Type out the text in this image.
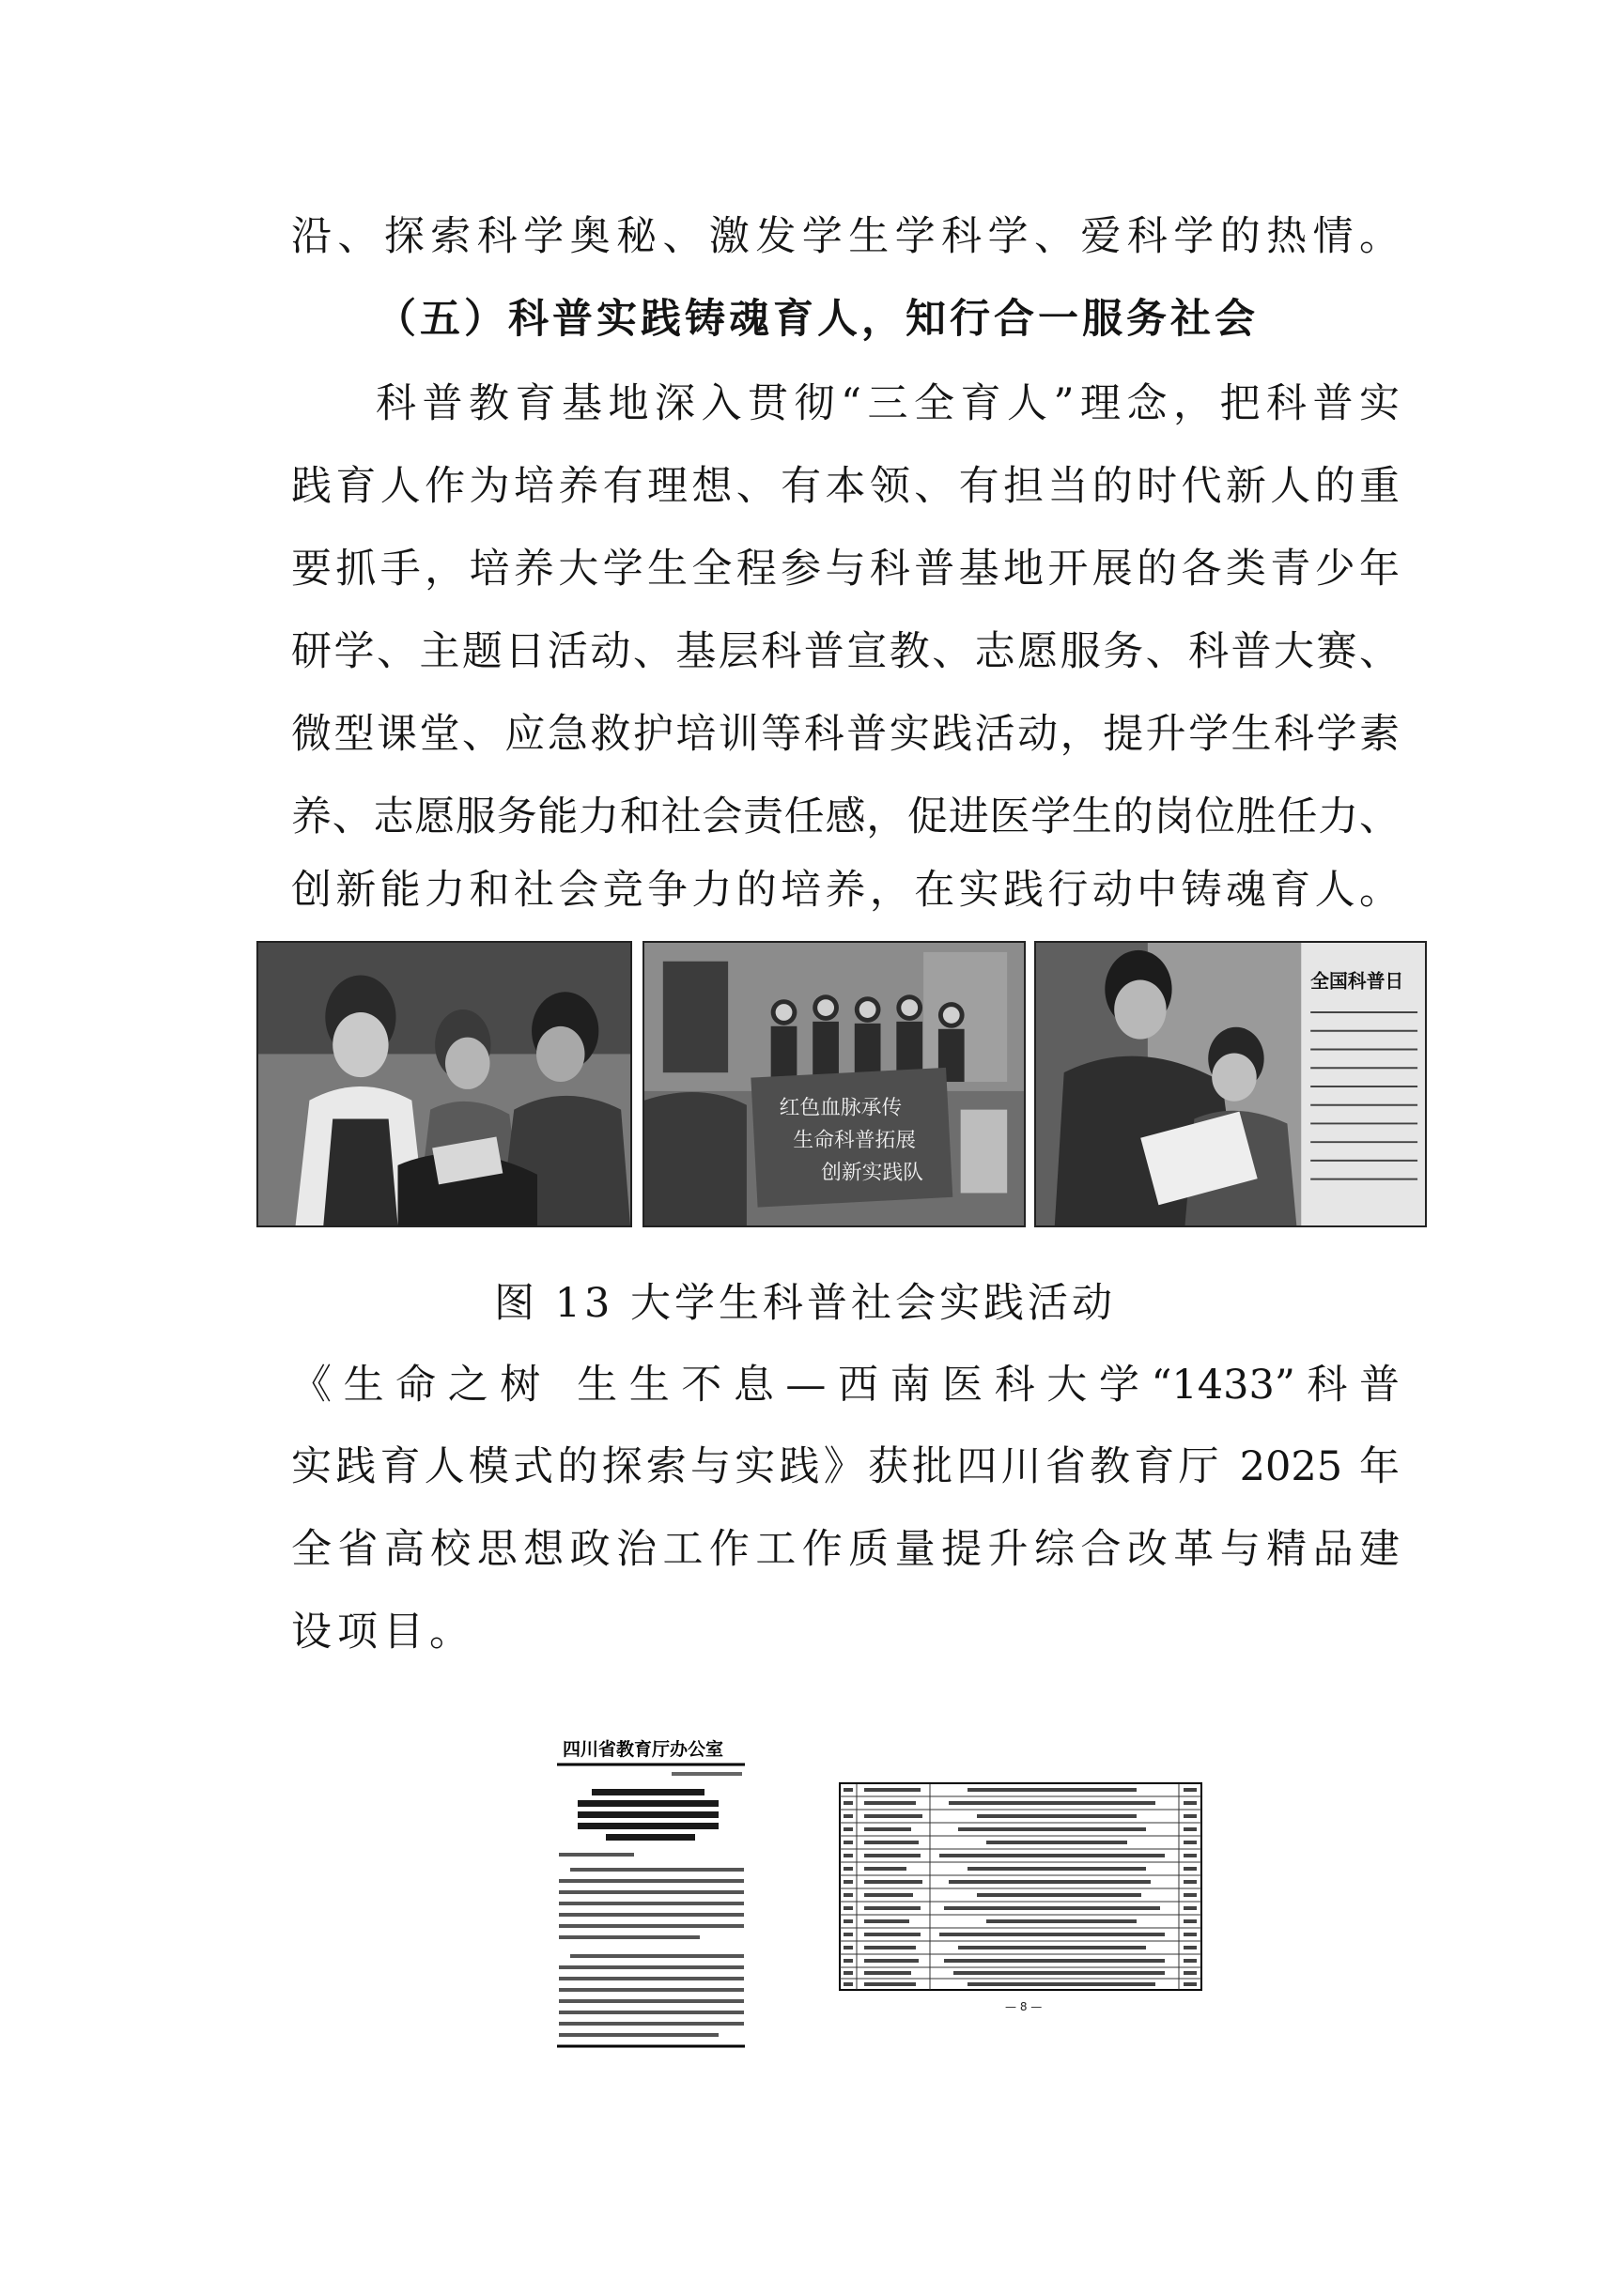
沿、探索科学奥秘、激发学生学科学、爱科学的热情。
（五）科普实践铸魂育人，知行合一服务社会
科普教育基地深入贯彻“三全育人”理念，把科普实
践育人作为培养有理想、有本领、有担当的时代新人的重
要抓手，培养大学生全程参与科普基地开展的各类青少年
研学、主题日活动、基层科普宣教、志愿服务、科普大赛、
微型课堂、应急救护培训等科普实践活动，提升学生科学素
养、志愿服务能力和社会责任感，促进医学生的岗位胜任力、
创新能力和社会竞争力的培养，在实践行动中铸魂育人。
红色血脉承传
生命科普拓展
创新实践队
全国科普日
图 13 大学生科普社会实践活动
《生命之树 生生不息—西南医科大学“1433”科普
实践育人模式的探索与实践》获批四川省教育厅 2025 年
全省高校思想政治工作工作质量提升综合改革与精品建
设项目。
四川省教育厅办公室
— 8 —
